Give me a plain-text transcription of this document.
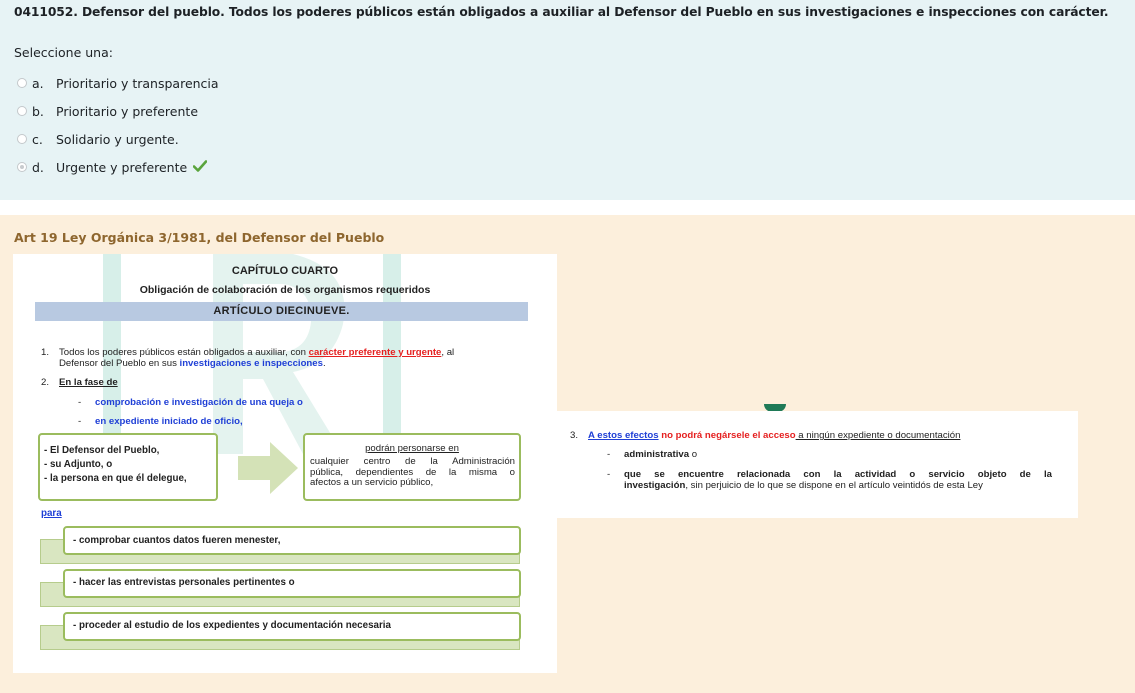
0411052. Defensor del pueblo. Todos los poderes públicos están obligados a auxiliar al Defensor del Pueblo en sus investigaciones e inspecciones con carácter.
Seleccione una:
a. Prioritario y transparencia
b. Prioritario y preferente
c.	Solidario y urgente.
d. Urgente y preferente
Art 19 Ley Orgánica 3/1981, del Defensor del Pueblo
CAPÍTULO CUARTO
Obligación de colaboración de los organismos requeridos
ARTÍCULO DIECINUEVE.
1. Todos los poderes públicos están obligados a auxiliar, con carácter preferente y urgente, al
Defensor del Pueblo en sus investigaciones e inspecciones.
2. En la fase de
- comprobación e investigación de una queja o
- en expediente iniciado de oficio,
- El Defensor del Pueblo,
- su Adjunto, o
- la persona en que él delegue,
podrán personarse en
cualquier centro de la Administración
pública, dependientes de la misma o
afectos a un servicio público,
para
- comprobar cuantos datos fueren menester,
- hacer las entrevistas personales pertinentes o
- proceder al estudio de los expedientes y documentación necesaria
3. A estos efectos no podrá negársele el acceso a ningún expediente o documentación
- administrativa o
- que se encuentre relacionada con la actividad o servicio objeto de la
investigación, sin perjuicio de lo que se dispone en el artículo veintidós de esta Ley
